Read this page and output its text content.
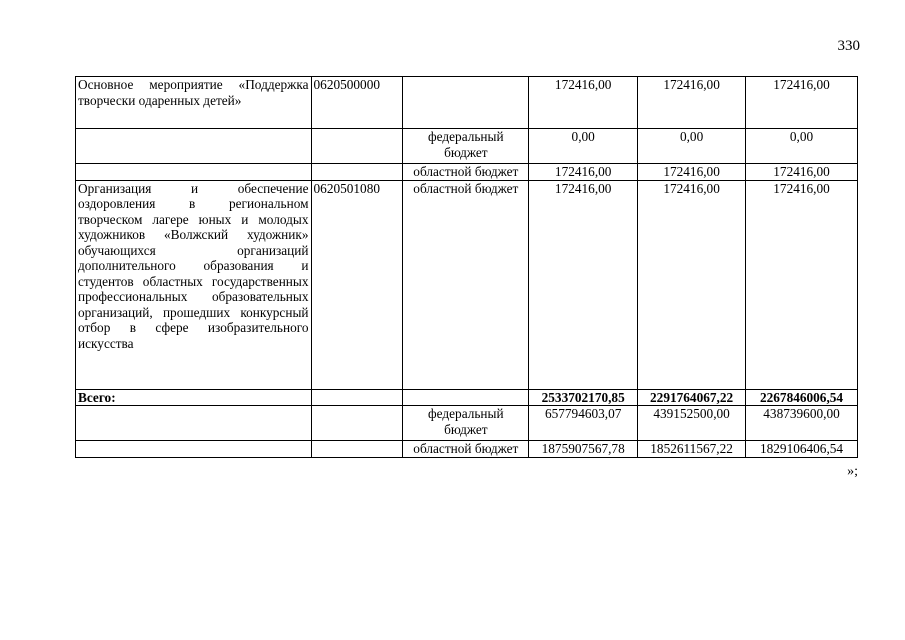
330
Основное мероприятие «Поддержка творчески одаренных детей»	0620500000		172416,00	172416,00	172416,00
		федеральный бюджет	0,00	0,00	0,00
		областной бюджет	172416,00	172416,00	172416,00
Организация и обеспечение оздоровления в региональном творческом лагере юных и молодых художников «Волжский художник» обучающихся организаций дополнительного образования и студентов областных государственных профессиональных образовательных организаций, прошедших конкурсный отбор в сфере изобразительного искусства	0620501080	областной бюджет	172416,00	172416,00	172416,00
Всего:			2533702170,85	2291764067,22	2267846006,54
		федеральный бюджет	657794603,07	439152500,00	438739600,00
		областной бюджет	1875907567,78	1852611567,22	1829106406,54
»;
